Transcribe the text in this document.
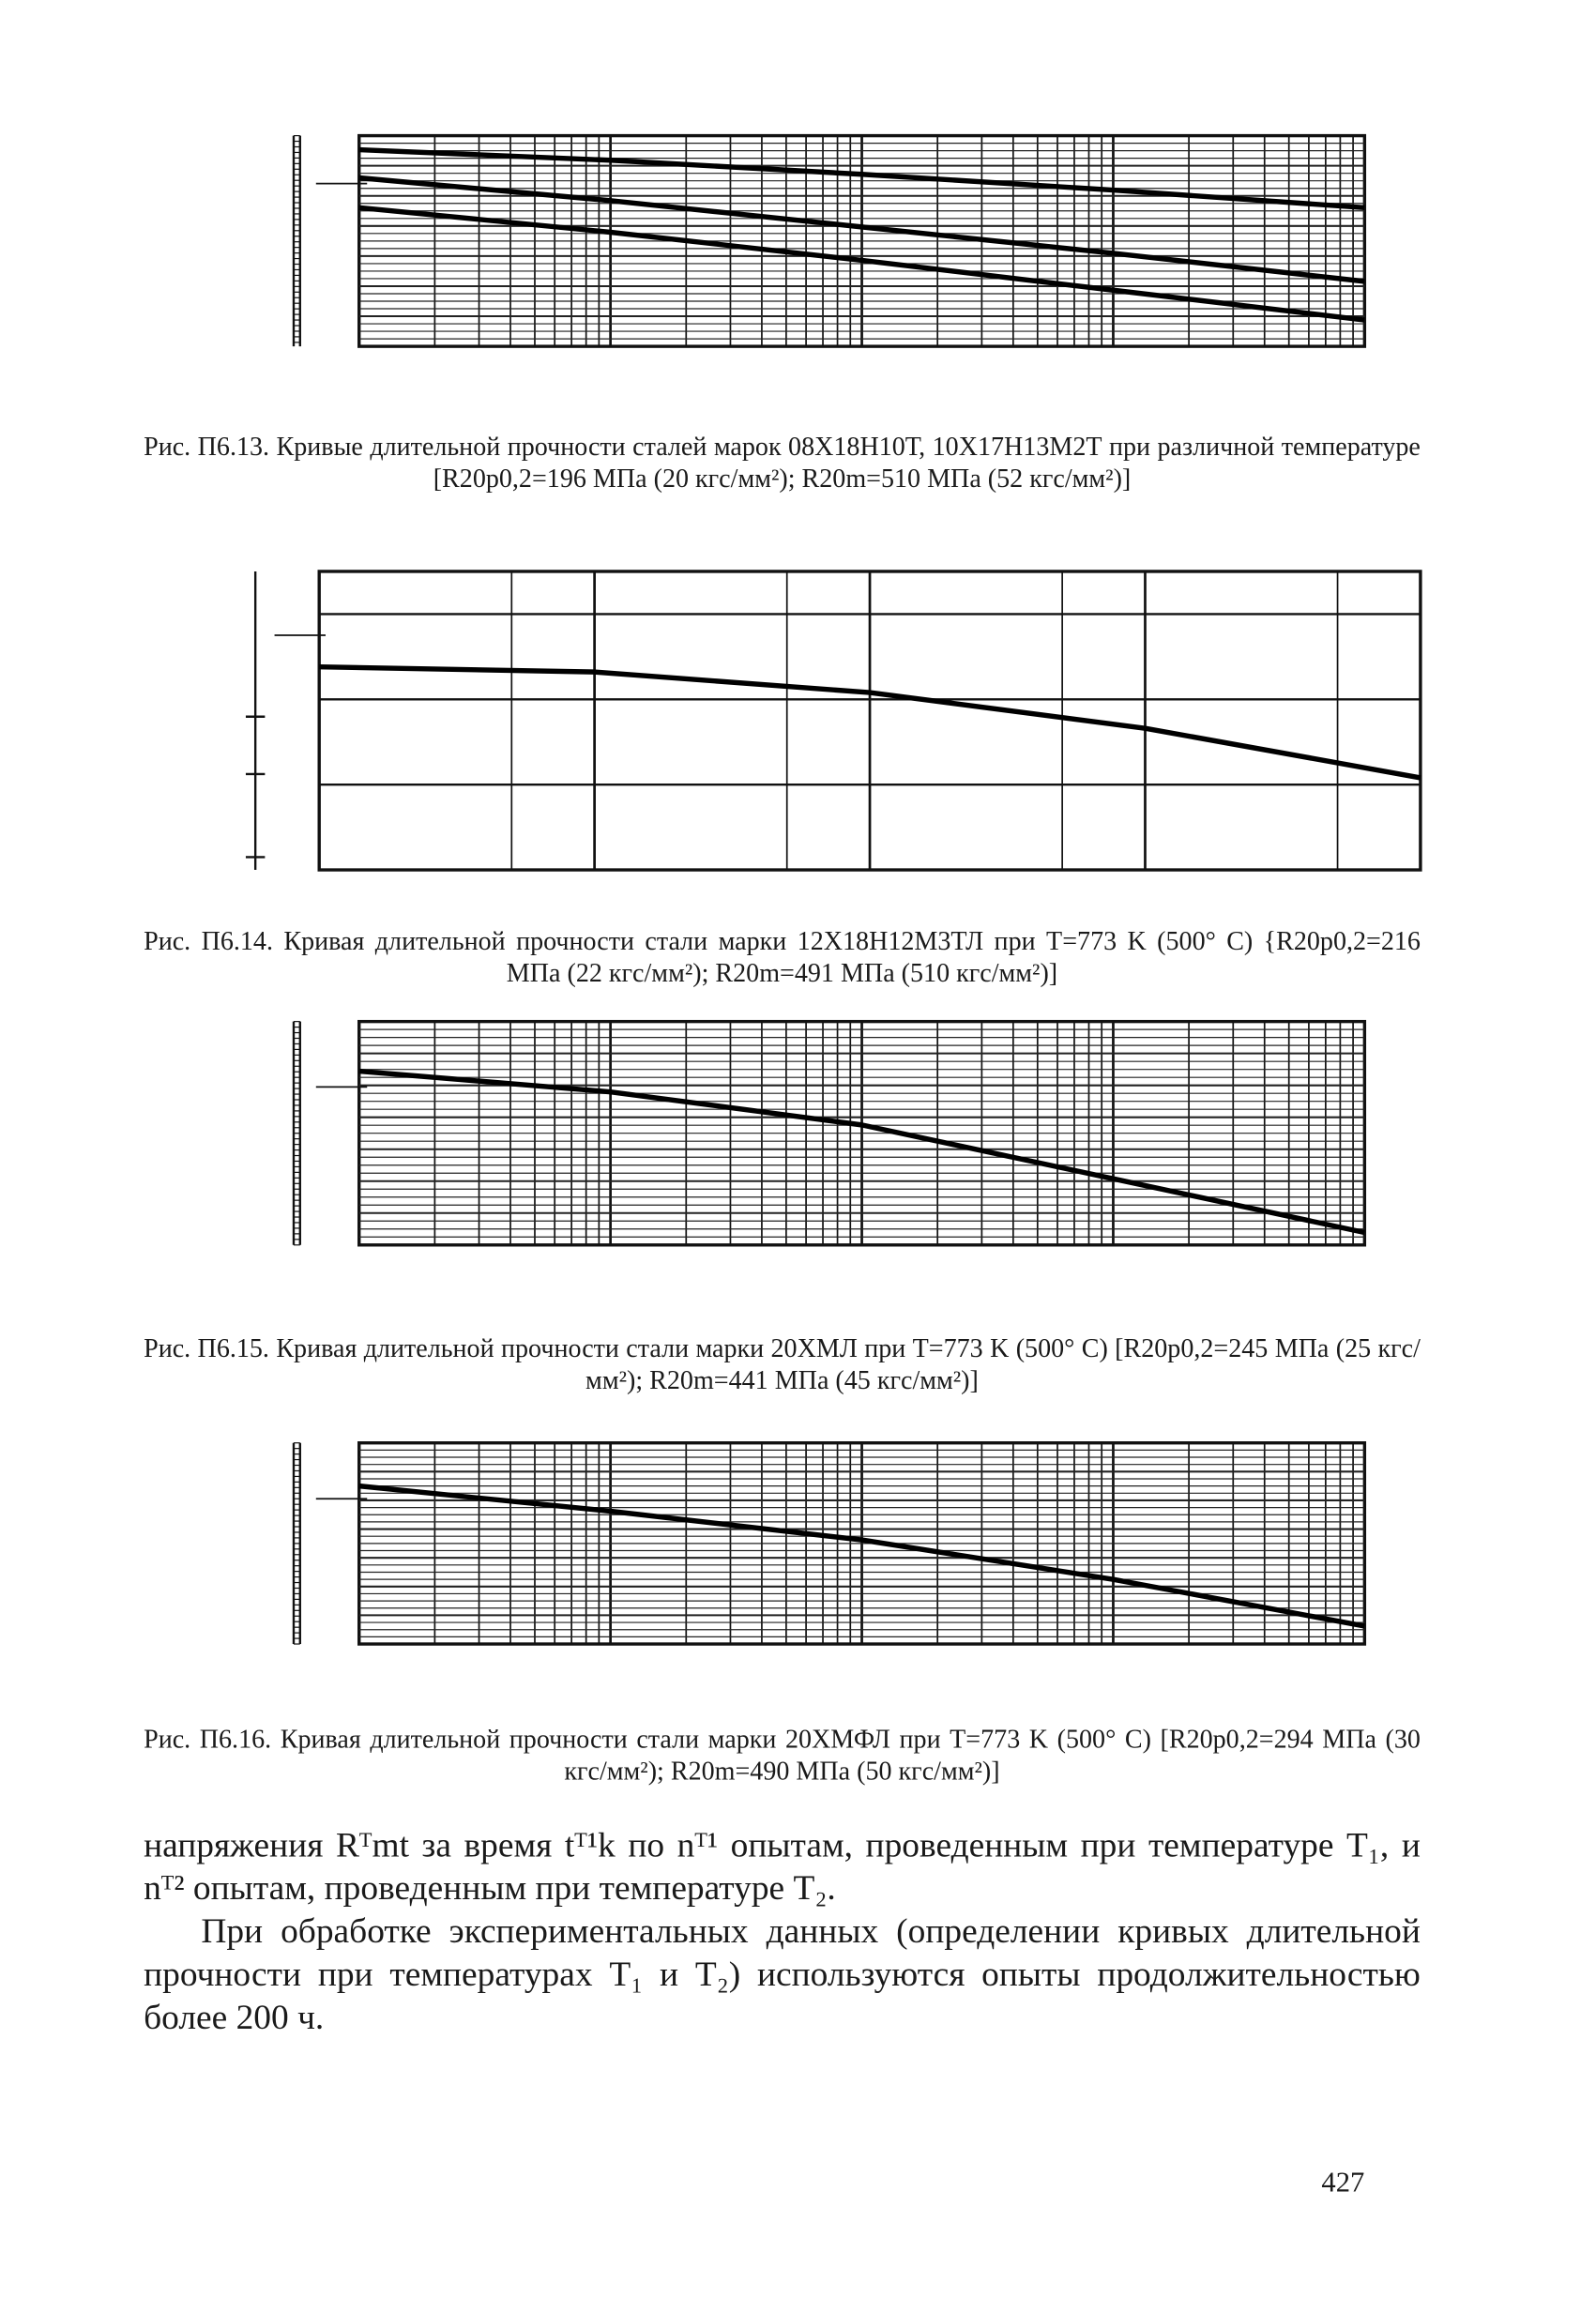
Рис. П6.13. Кривые длительной прочности сталей марок 08Х18Н10Т, 10Х17Н13М2Т при различной температуре [R20p0,2=196 МПа (20 кгс/мм²); R20m=510 МПа (52 кгс/мм²)]
Рис. П6.14. Кривая длительной прочности стали марки 12Х18Н12М3ТЛ при T=773 K (500° C) {R20p0,2=216 МПа (22 кгс/мм²); R20m=491 МПа (510 кгс/мм²)]
Рис. П6.15. Кривая длительной прочности стали марки 20ХМЛ при T=773 K (500° C) [R20p0,2=245 МПа (25 кгс/мм²); R20m=441 МПа (45 кгс/мм²)]
Рис. П6.16. Кривая длительной прочности стали марки 20ХМФЛ при T=773 K (500° C) [R20p0,2=294 МПа (30 кгс/мм²); R20m=490 МПа (50 кгс/мм²)]
напряжения Rᵀmt за время tᵀ¹k по nᵀ¹ опытам, проведенным при температуре T₁, и nᵀ² опытам, проведенным при температуре T₂.
При обработке экспериментальных данных (определении кривых длительной прочности при температурах T₁ и T₂) используются опыты продолжительностью более 200 ч.
427
